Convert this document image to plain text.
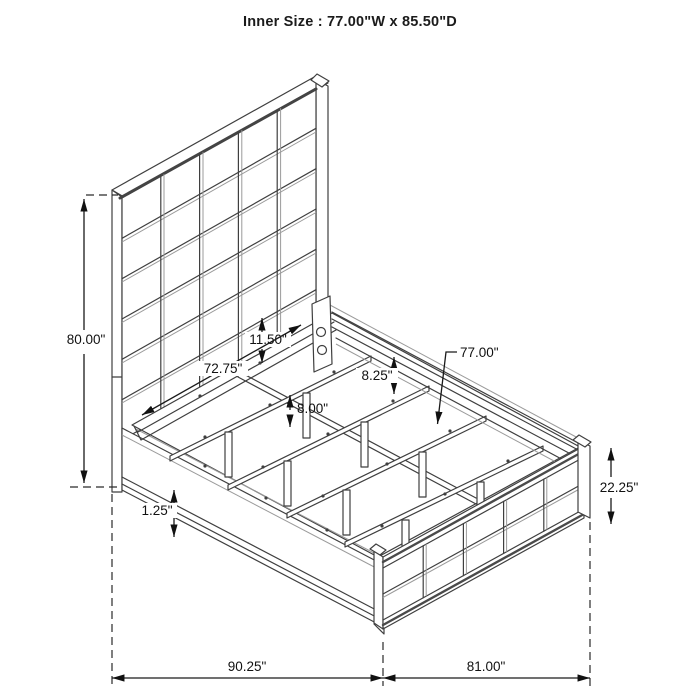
Inner Size : 77.00"W x 85.50"D
80.00"	11.50"
72.75"	8.25"
77.00"
8.00"
1.25"
22.25"
90.25"	81.00"
